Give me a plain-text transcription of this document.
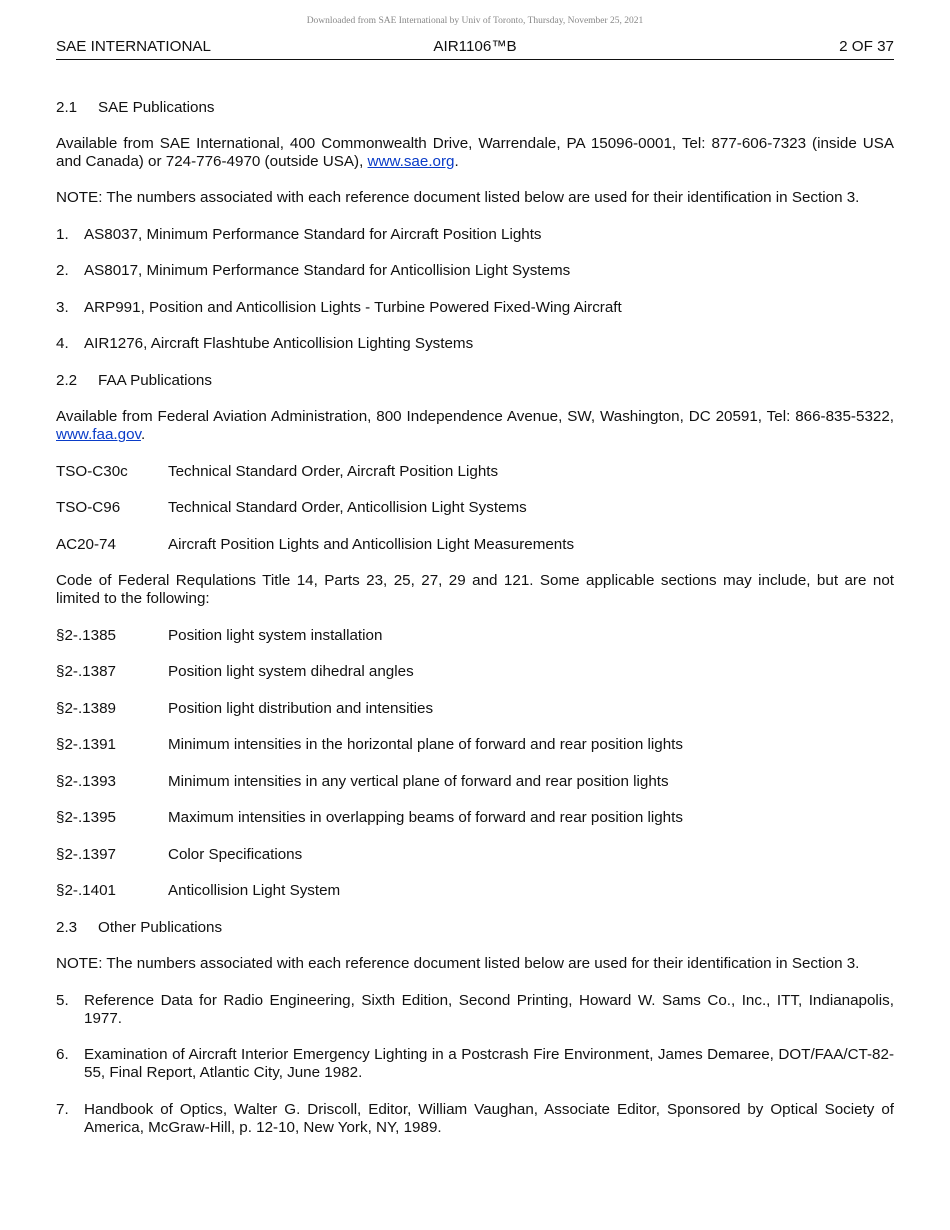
Downloaded from SAE International by Univ of Toronto, Thursday, November 25, 2021
SAE INTERNATIONAL	AIR1106™B	2 OF 37
2.1 SAE Publications
Available from SAE International, 400 Commonwealth Drive, Warrendale, PA 15096-0001, Tel: 877-606-7323 (inside USA and Canada) or 724-776-4970 (outside USA), www.sae.org.
NOTE: The numbers associated with each reference document listed below are used for their identification in Section 3.
1. AS8037, Minimum Performance Standard for Aircraft Position Lights
2. AS8017, Minimum Performance Standard for Anticollision Light Systems
3. ARP991, Position and Anticollision Lights - Turbine Powered Fixed-Wing Aircraft
4. AIR1276, Aircraft Flashtube Anticollision Lighting Systems
2.2 FAA Publications
Available from Federal Aviation Administration, 800 Independence Avenue, SW, Washington, DC 20591, Tel: 866-835-5322, www.faa.gov.
TSO-C30c	Technical Standard Order, Aircraft Position Lights
TSO-C96	Technical Standard Order, Anticollision Light Systems
AC20-74	Aircraft Position Lights and Anticollision Light Measurements
Code of Federal Requlations Title 14, Parts 23, 25, 27, 29 and 121. Some applicable sections may include, but are not limited to the following:
§2-.1385	Position light system installation
§2-.1387	Position light system dihedral angles
§2-.1389	Position light distribution and intensities
§2-.1391	Minimum intensities in the horizontal plane of forward and rear position lights
§2-.1393	Minimum intensities in any vertical plane of forward and rear position lights
§2-.1395	Maximum intensities in overlapping beams of forward and rear position lights
§2-.1397	Color Specifications
§2-.1401	Anticollision Light System
2.3 Other Publications
NOTE: The numbers associated with each reference document listed below are used for their identification in Section 3.
5. Reference Data for Radio Engineering, Sixth Edition, Second Printing, Howard W. Sams Co., Inc., ITT, Indianapolis, 1977.
6. Examination of Aircraft Interior Emergency Lighting in a Postcrash Fire Environment, James Demaree, DOT/FAA/CT-82-55, Final Report, Atlantic City, June 1982.
7. Handbook of Optics, Walter G. Driscoll, Editor, William Vaughan, Associate Editor, Sponsored by Optical Society of America, McGraw-Hill, p. 12-10, New York, NY, 1989.
